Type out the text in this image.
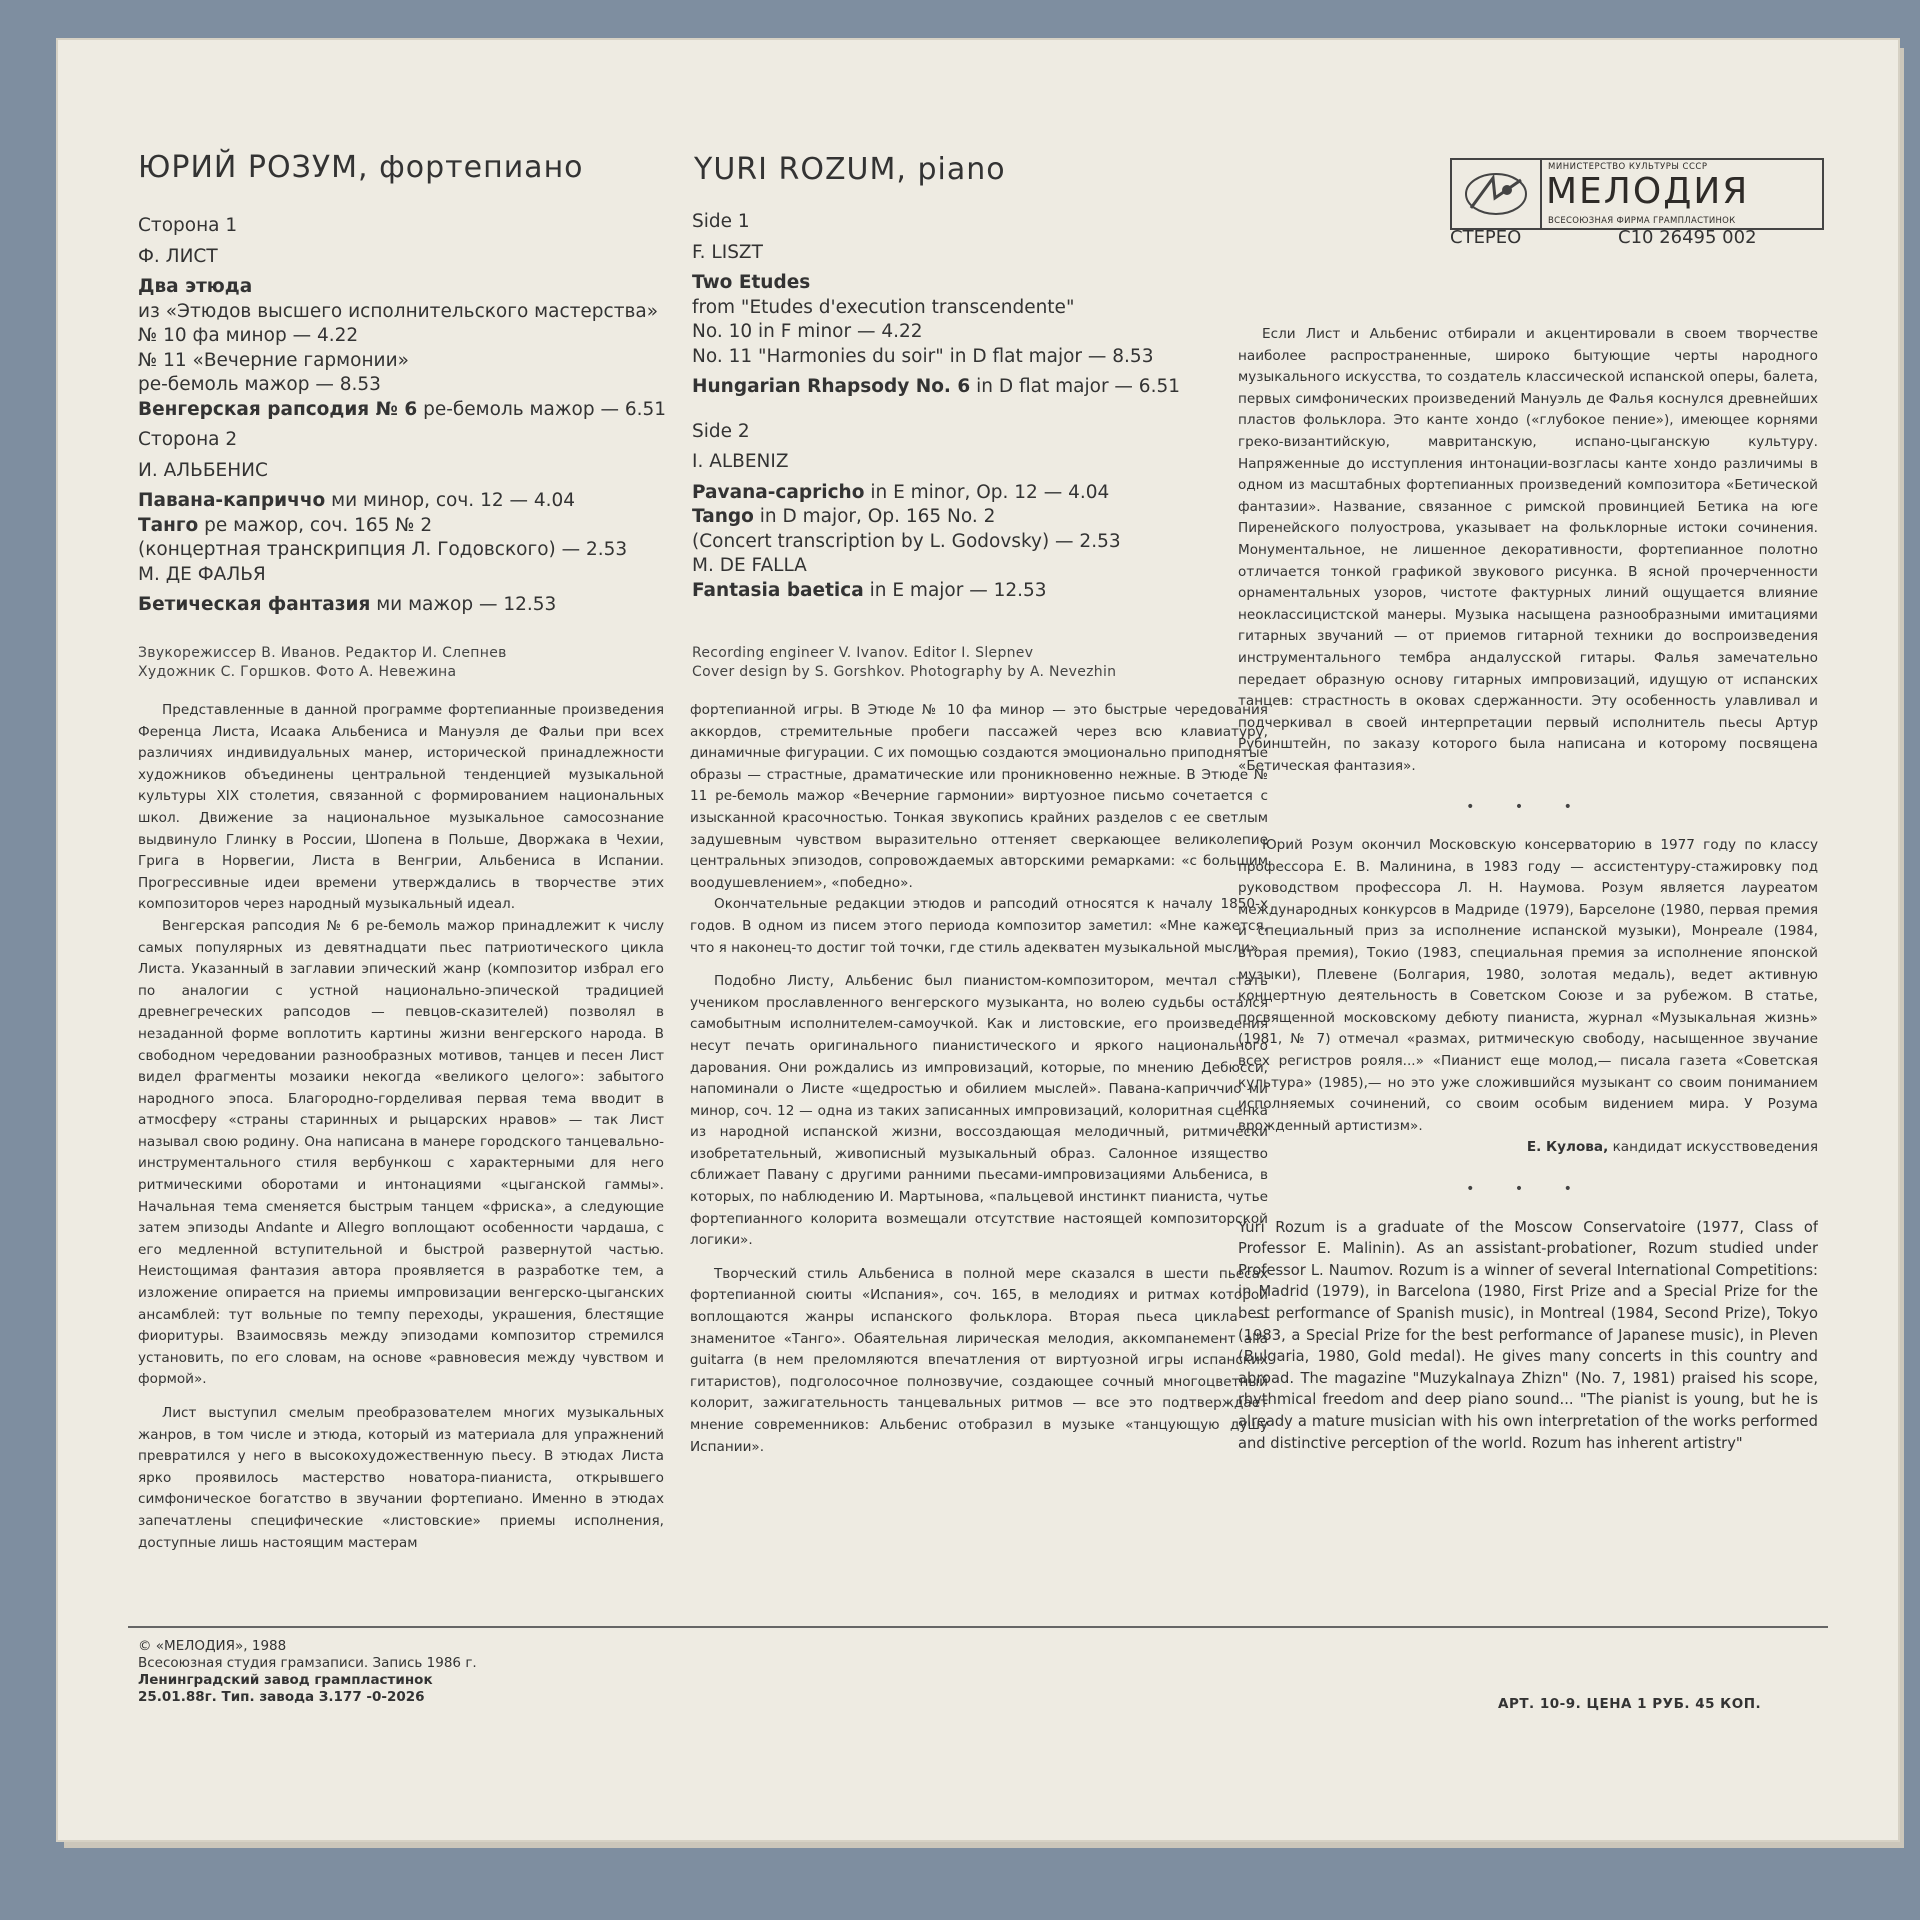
ЮРИЙ РОЗУМ, фортепиано	YURI ROZUM, piano	МИНИСТЕРСТВО КУЛЬТУРЫ СССР
МЕЛОДИЯ
ВСЕСОЮЗНАЯ ФИРМА ГРАМПЛАСТИНОК
СТЕРЕО	С10 26495 002
Сторона 1
Ф. ЛИСТ
Два этюда
из «Этюдов высшего исполнительского мастерства»
№ 10 фа минор — 4.22
№ 11 «Вечерние гармонии»
ре-бемоль мажор — 8.53
Венгерская рапсодия № 6 ре-бемоль мажор — 6.51
Сторона 2
И. АЛЬБЕНИС
Павана-каприччо ми минор, соч. 12 — 4.04
Танго ре мажор, соч. 165 № 2
(концертная транскрипция Л. Годовского) — 2.53
М. ДЕ ФАЛЬЯ
Бетическая фантазия ми мажор — 12.53
Звукорежиссер В. Иванов. Редактор И. Слепнев
Художник С. Горшков. Фото А. Невежина
Side 1
F. LISZT
Two Etudes
from "Etudes d'execution transcendente"
No. 10 in F minor — 4.22
No. 11 "Harmonies du soir" in D flat major — 8.53
Hungarian Rhapsody No. 6 in D flat major — 6.51
Side 2
I. ALBENIZ
Pavana-capricho in E minor, Op. 12 — 4.04
Tango in D major, Op. 165 No. 2
(Concert transcription by L. Godovsky) — 2.53
M. DE FALLA
Fantasia baetica in E major — 12.53
Recording engineer V. Ivanov. Editor I. Slepnev
Cover design by S. Gorshkov. Photography by A. Nevezhin

Представленные в данной программе фортепианные произведения Ференца Листа, Исаака Альбениса и Мануэля де Фальи при всех различиях индивидуальных манер, исторической принадлежности художников объединены центральной тенденцией музыкальной культуры XIX столетия, связанной с формированием национальных школ. Движение за национальное музыкальное самосознание выдвинуло Глинку в России, Шопена в Польше, Дворжака в Чехии, Грига в Норвегии, Листа в Венгрии, Альбениса в Испании. Прогрессивные идеи времени утверждались в творчестве этих композиторов через народный музыкальный идеал.

Венгерская рапсодия № 6 ре-бемоль мажор принадлежит к числу самых популярных из девятнадцати пьес патриотического цикла Листа. Указанный в заглавии эпический жанр (композитор избрал его по аналогии с устной национально-эпической традицией древнегреческих рапсодов — певцов-сказителей) позволял в незаданной форме воплотить картины жизни венгерского народа. В свободном чередовании разнообразных мотивов, танцев и песен Лист видел фрагменты мозаики некогда «великого целого»: забытого народного эпоса. Благородно-горделивая первая тема вводит в атмосферу «страны старинных и рыцарских нравов» — так Лист называл свою родину. Она написана в манере городского танцевально-инструментального стиля вербункош с характерными для него ритмическими оборотами и интонациями «цыганской гаммы». Начальная тема сменяется быстрым танцем «фриска», а следующие затем эпизоды Andante и Allegro воплощают особенности чардаша, с его медленной вступительной и быстрой развернутой частью. Неистощимая фантазия автора проявляется в разработке тем, а изложение опирается на приемы импровизации венгерско-цыганских ансамблей: тут вольные по темпу переходы, украшения, блестящие фиоритуры. Взаимосвязь между эпизодами композитор стремился установить, по его словам, на основе «равновесия между чувством и формой».

Лист выступил смелым преобразователем многих музыкальных жанров, в том числе и этюда, который из материала для упражнений превратился у него в высокохудожественную пьесу. В этюдах Листа ярко проявилось мастерство новатора-пианиста, открывшего симфоническое богатство в звучании фортепиано. Именно в этюдах запечатлены специфические «листовские» приемы исполнения, доступные лишь настоящим мастерам

фортепианной игры. В Этюде № 10 фа минор — это быстрые чередования аккордов, стремительные пробеги пассажей через всю клавиатуру, динамичные фигурации. С их помощью создаются эмоционально приподнятые образы — страстные, драматические или проникновенно нежные. В Этюде № 11 ре-бемоль мажор «Вечерние гармонии» виртуозное письмо сочетается с изысканной красочностью. Тонкая звукопись крайних разделов с ее светлым задушевным чувством выразительно оттеняет сверкающее великолепие центральных эпизодов, сопровождаемых авторскими ремарками: «с большим воодушевлением», «победно».

Окончательные редакции этюдов и рапсодий относятся к началу 1850-х годов. В одном из писем этого периода композитор заметил: «Мне кажется, что я наконец-то достиг той точки, где стиль адекватен музыкальной мысли».

Подобно Листу, Альбенис был пианистом-композитором, мечтал стать учеником прославленного венгерского музыканта, но волею судьбы остался самобытным исполнителем-самоучкой. Как и листовские, его произведения несут печать оригинального пианистического и яркого национального дарования. Они рождались из импровизаций, которые, по мнению Дебюсси, напоминали о Листе «щедростью и обилием мыслей». Павана-каприччио ми минор, соч. 12 — одна из таких записанных импровизаций, колоритная сценка из народной испанской жизни, воссоздающая мелодичный, ритмически изобретательный, живописный музыкальный образ. Салонное изящество сближает Павану с другими ранними пьесами-импровизациями Альбениса, в которых, по наблюдению И. Мартынова, «пальцевой инстинкт пианиста, чутье фортепианного колорита возмещали отсутствие настоящей композиторской логики».

Творческий стиль Альбениса в полной мере сказался в шести пьесах фортепианной сюиты «Испания», соч. 165, в мелодиях и ритмах которой воплощаются жанры испанского фольклора. Вторая пьеса цикла — знаменитое «Танго». Обаятельная лирическая мелодия, аккомпанемент alla guitarra (в нем преломляются впечатления от виртуозной игры испанских гитаристов), подголосочное полнозвучие, создающее сочный многоцветный колорит, зажигательность танцевальных ритмов — все это подтверждает мнение современников: Альбенис отобразил в музыке «танцующую душу Испании».

Если Лист и Альбенис отбирали и акцентировали в своем творчестве наиболее распространенные, широко бытующие черты народного музыкального искусства, то создатель классической испанской оперы, балета, первых симфонических произведений Мануэль де Фалья коснулся древнейших пластов фольклора. Это канте хондо («глубокое пение»), имеющее корнями греко-византийскую, мавританскую, испано-цыганскую культуру. Напряженные до исступления интонации-возгласы канте хондо различимы в одном из масштабных фортепианных произведений композитора «Бетической фантазии». Название, связанное с римской провинцией Бетика на юге Пиренейского полуострова, указывает на фольклорные истоки сочинения. Монументальное, не лишенное декоративности, фортепианное полотно отличается тонкой графикой звукового рисунка. В ясной прочерченности орнаментальных узоров, чистоте фактурных линий ощущается влияние неоклассицистской манеры. Музыка насыщена разнообразными имитациями гитарных звучаний — от приемов гитарной техники до воспроизведения инструментального тембра андалусской гитары. Фалья замечательно передает образную основу гитарных импровизаций, идущую от испанских танцев: страстность в оковах сдержанности. Эту особенность улавливал и подчеркивал в своей интерпретации первый исполнитель пьесы Артур Рубинштейн, по заказу которого была написана и которому посвящена «Бетическая фантазия».

• • •

Юрий Розум окончил Московскую консерваторию в 1977 году по классу профессора Е. В. Малинина, в 1983 году — ассистентуру-стажировку под руководством профессора Л. Н. Наумова. Розум является лауреатом международных конкурсов в Мадриде (1979), Барселоне (1980, первая премия и специальный приз за исполнение испанской музыки), Монреале (1984, вторая премия), Токио (1983, специальная премия за исполнение японской музыки), Плевене (Болгария, 1980, золотая медаль), ведет активную концертную деятельность в Советском Союзе и за рубежом. В статье, посвященной московскому дебюту пианиста, журнал «Музыкальная жизнь» (1981, № 7) отмечал «размах, ритмическую свободу, насыщенное звучание всех регистров рояля...» «Пианист еще молод,— писала газета «Советская культура» (1985),— но это уже сложившийся музыкант со своим пониманием исполняемых сочинений, со своим особым видением мира. У Розума врожденный артистизм».

Е. Кулова, кандидат искусствоведения

• • •

Yuri Rozum is a graduate of the Moscow Conservatoire (1977, Class of Professor E. Malinin). As an assistant-probationer, Rozum studied under Professor L. Naumov. Rozum is a winner of several International Competitions: in Madrid (1979), in Barcelona (1980, First Prize and a Special Prize for the best performance of Spanish music), in Montreal (1984, Second Prize), Tokyo (1983, a Special Prize for the best performance of Japanese music), in Pleven (Bulgaria, 1980, Gold medal). He gives many concerts in this country and abroad. The magazine "Muzykalnaya Zhizn" (No. 7, 1981) praised his scope, rhythmical freedom and deep piano sound... "The pianist is young, but he is already a mature musician with his own interpretation of the works performed and distinctive perception of the world. Rozum has inherent artistry"

© «МЕЛОДИЯ», 1988
Всесоюзная студия грамзаписи. Запись 1986 г.
Ленинградский завод грампластинок
25.01.88г. Тип. завода З.177 -0-2026	АРТ. 10-9. ЦЕНА 1 РУБ. 45 КОП.
